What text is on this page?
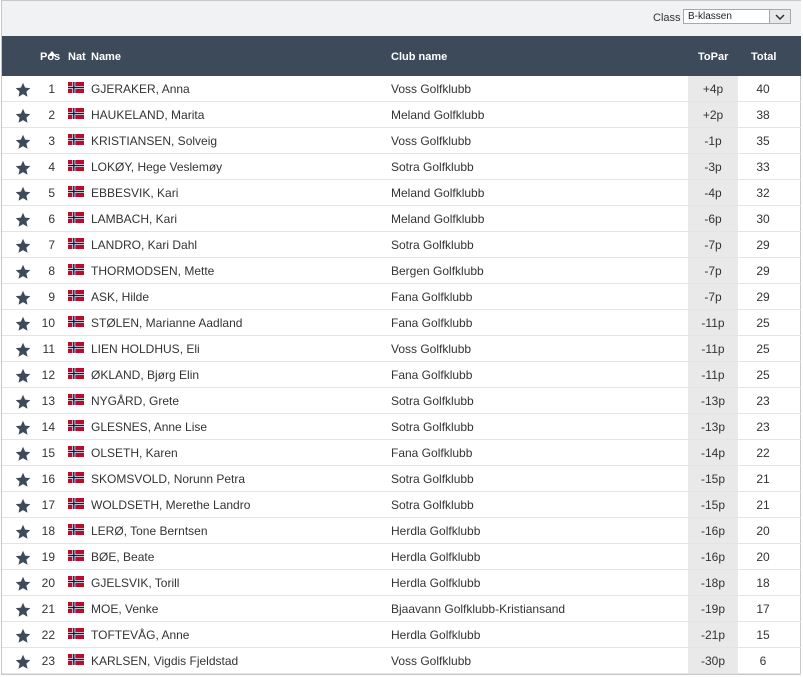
Class B-klassen
Pos Nat Name	Club name	ToPar Total
1	GJERAKER, Anna	Voss Golfklubb	+4p	40
2	HAUKELAND, Marita	Meland Golfklubb	+2p	38
3	KRISTIANSEN, Solveig	Voss Golfklubb	-1p	35
4	LOKØY, Hege Veslemøy	Sotra Golfklubb	-3p	33
5	EBBESVIK, Kari	Meland Golfklubb	-4p	32
6	LAMBACH, Kari	Meland Golfklubb	-6p	30
7	LANDRO, Kari Dahl	Sotra Golfklubb	-7p	29
8	THORMODSEN, Mette	Bergen Golfklubb	-7p	29
9	ASK, Hilde	Fana Golfklubb	-7p	29
10	STØLEN, Marianne Aadland	Fana Golfklubb	-11p	25
11	LIEN HOLDHUS, Eli	Voss Golfklubb	-11p	25
12	ØKLAND, Bjørg Elin	Fana Golfklubb	-11p	25
13	NYGÅRD, Grete	Sotra Golfklubb	-13p	23
14	GLESNES, Anne Lise	Sotra Golfklubb	-13p	23
15	OLSETH, Karen	Fana Golfklubb	-14p	22
16	SKOMSVOLD, Norunn Petra	Sotra Golfklubb	-15p	21
17	WOLDSETH, Merethe Landro	Sotra Golfklubb	-15p	21
18	LERØ, Tone Berntsen	Herdla Golfklubb	-16p	20
19	BØE, Beate	Herdla Golfklubb	-16p	20
20	GJELSVIK, Torill	Herdla Golfklubb	-18p	18
21	MOE, Venke	Bjaavann Golfklubb-Kristiansand	-19p	17
22	TOFTEVÅG, Anne	Herdla Golfklubb	-21p	15
23	KARLSEN, Vigdis Fjeldstad	Voss Golfklubb	-30p	6
